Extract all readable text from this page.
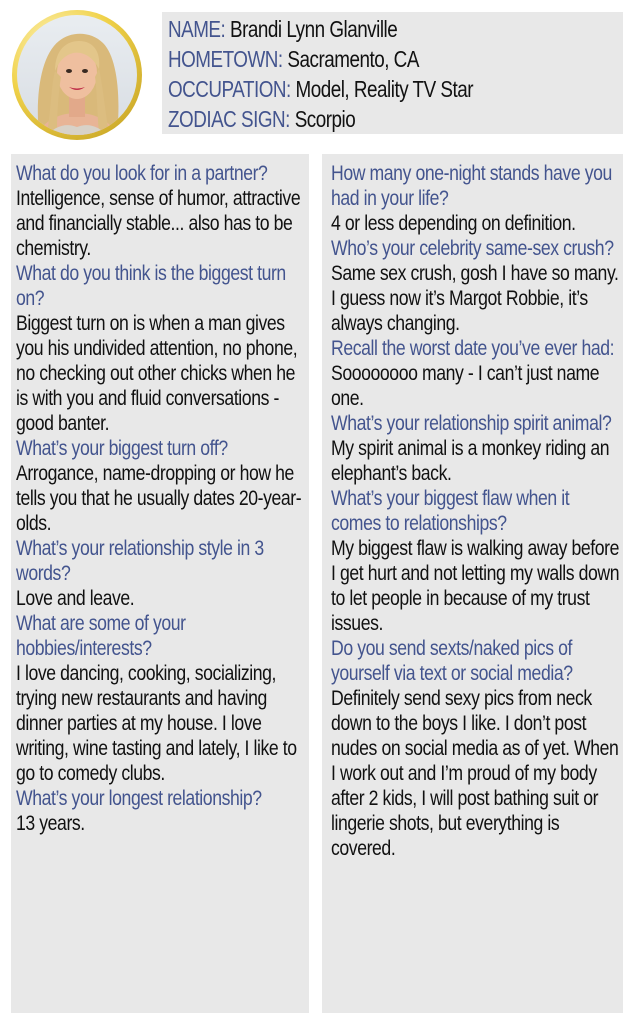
NAME: Brandi Lynn Glanville
HOMETOWN: Sacramento, CA
OCCUPATION: Model, Reality TV Star
ZODIAC SIGN: Scorpio
What do you look for in a partner?
Intelligence, sense of humor, attractive and financially stable... also has to be chemistry.
What do you think is the biggest turn on?
Biggest turn on is when a man gives you his undivided attention, no phone, no checking out other chicks when he is with you and fluid conversations - good banter.
What’s your biggest turn off?
Arrogance, name-dropping or how he tells you that he usually dates 20-year-olds.
What’s your relationship style in 3 words?
Love and leave.
What are some of your hobbies/interests?
I love dancing, cooking, socializing, trying new restaurants and having dinner parties at my house. I love writing, wine tasting and lately, I like to go to comedy clubs.
What’s your longest relationship?
13 years.
How many one-night stands have you had in your life?
4 or less depending on definition.
Who’s your celebrity same-sex crush?
Same sex crush, gosh I have so many. I guess now it’s Margot Robbie, it’s always changing.
Recall the worst date you’ve ever had:
Soooooooo many - I can’t just name one.
What’s your relationship spirit animal?
My spirit animal is a monkey riding an elephant’s back.
What’s your biggest flaw when it comes to relationships?
My biggest flaw is walking away before I get hurt and not letting my walls down to let people in because of my trust issues.
Do you send sexts/naked pics of yourself via text or social media?
Definitely send sexy pics from neck down to the boys I like. I don’t post nudes on social media as of yet. When I work out and I’m proud of my body after 2 kids, I will post bathing suit or lingerie shots, but everything is covered.
